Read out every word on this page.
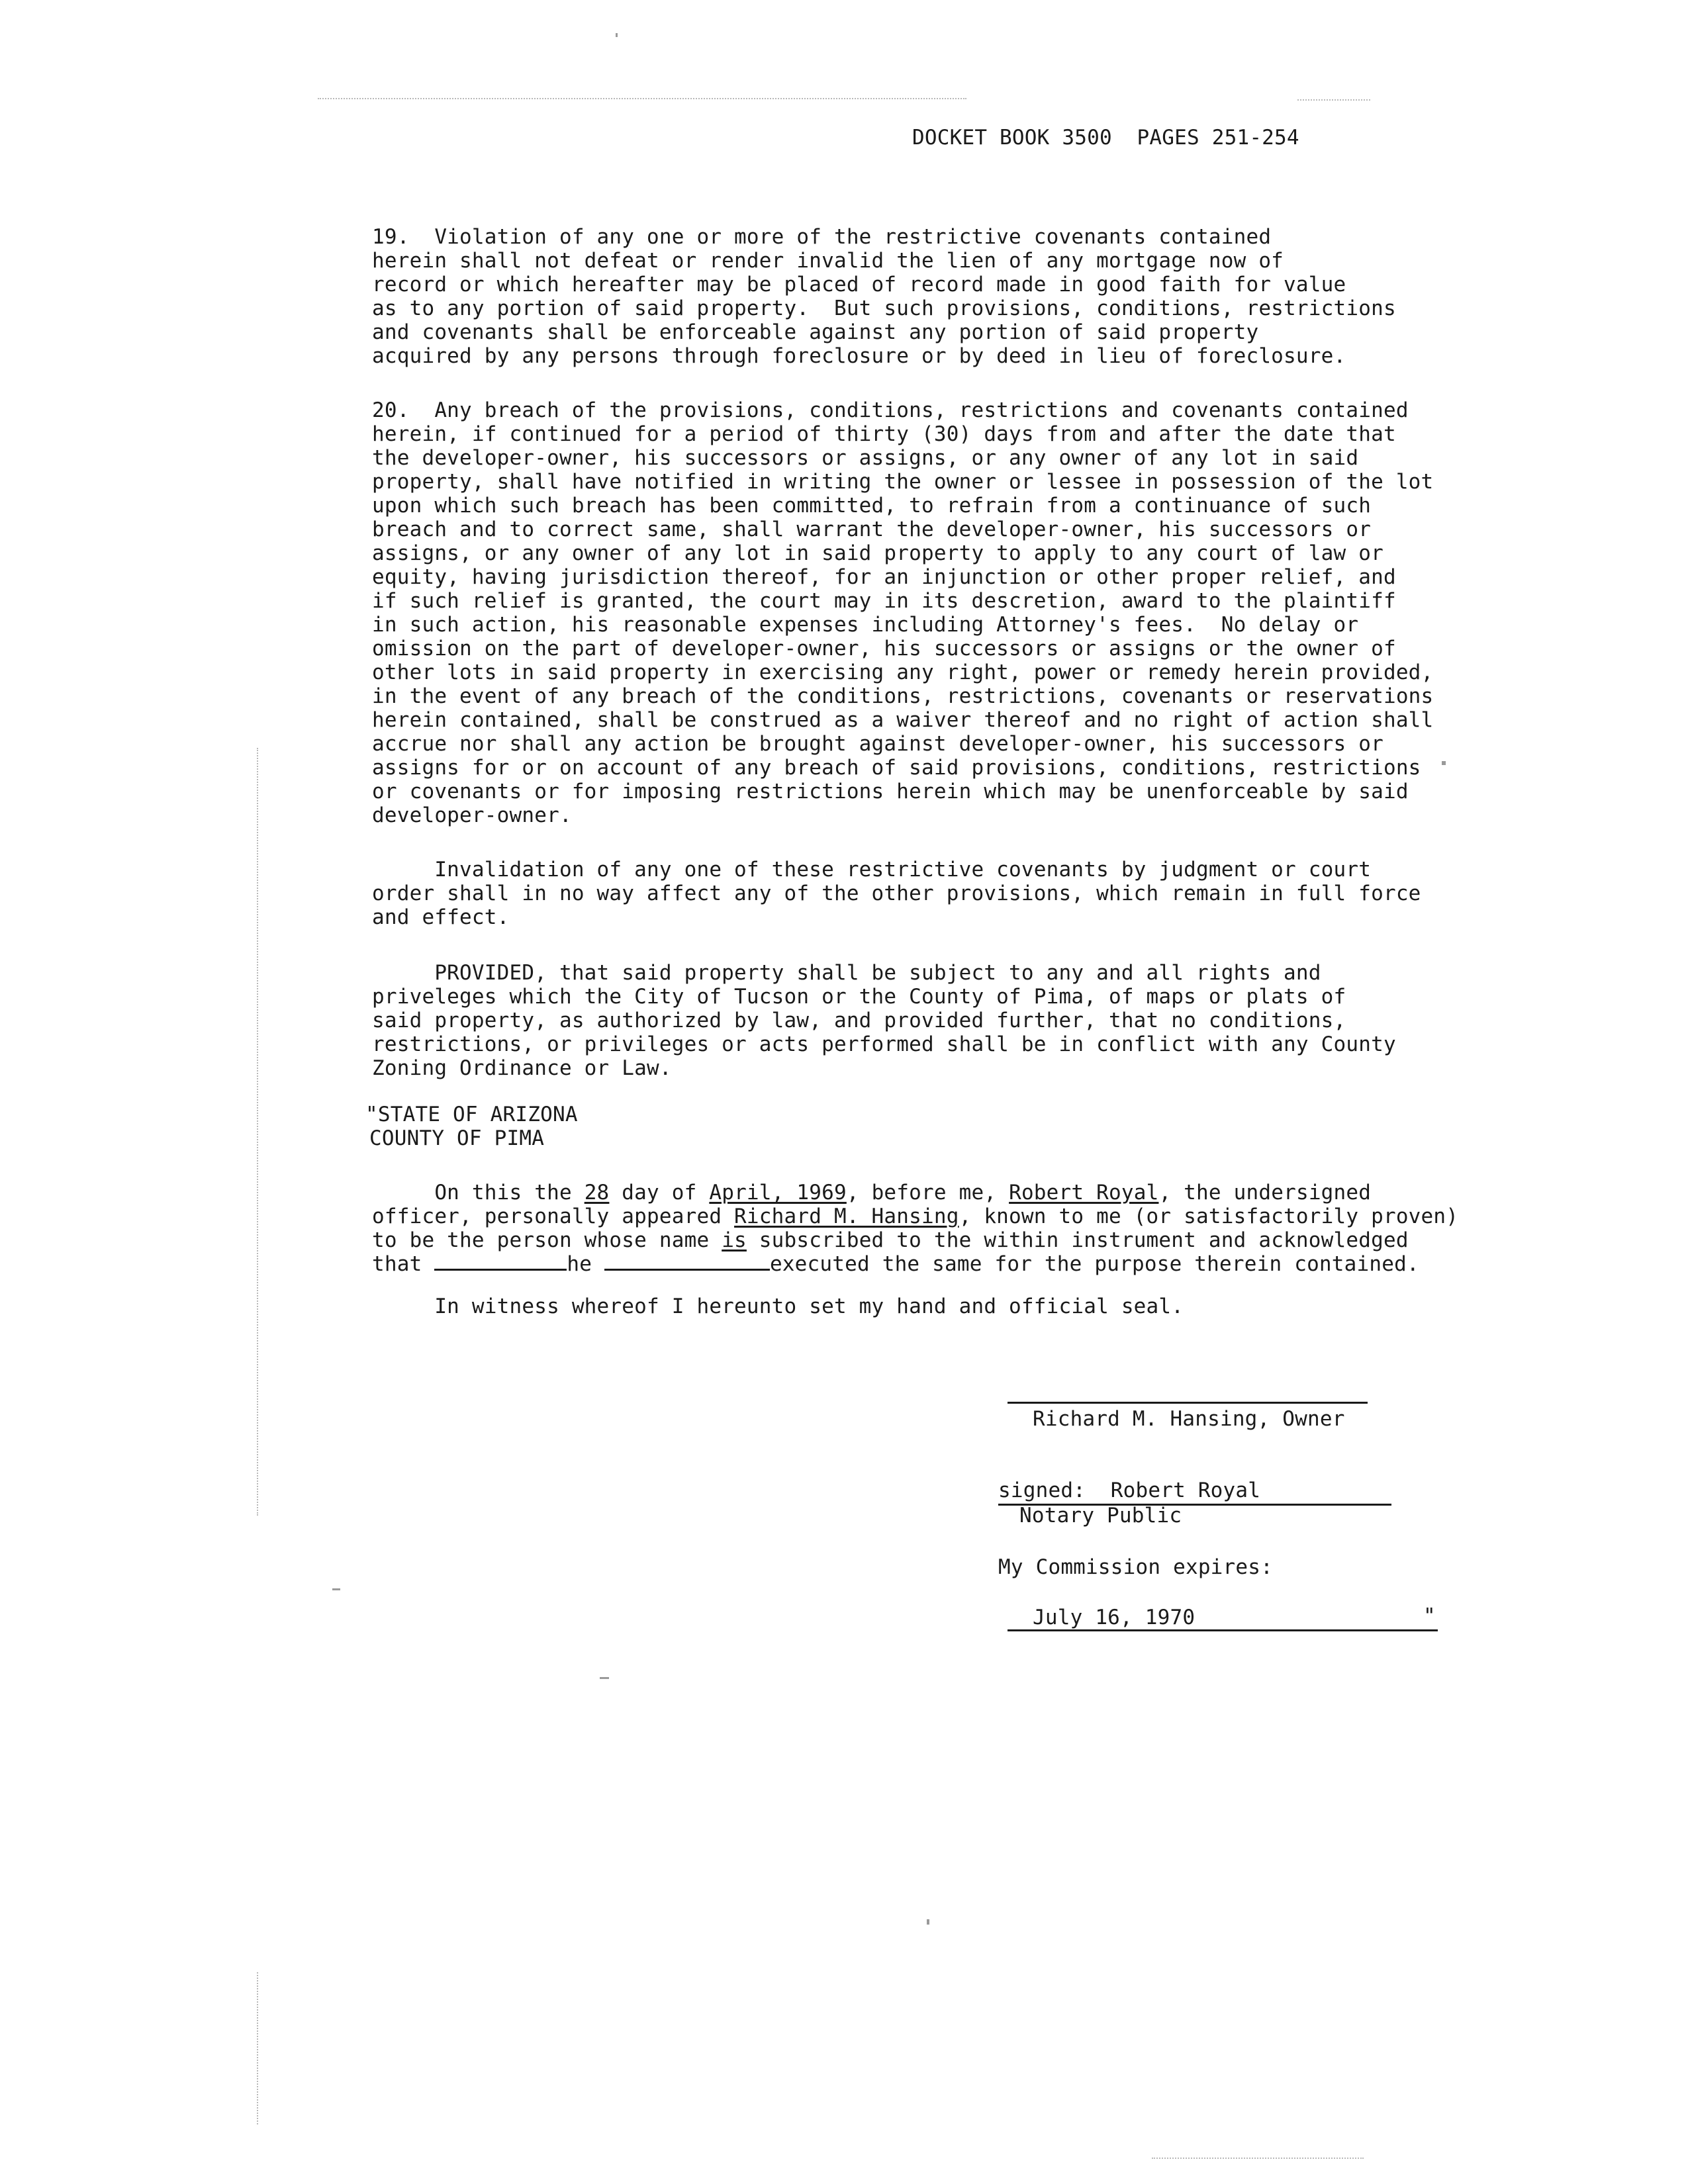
DOCKET BOOK 3500  PAGES 251-254
19.  Violation of any one or more of the restrictive covenants contained
herein shall not defeat or render invalid the lien of any mortgage now of
record or which hereafter may be placed of record made in good faith for value
as to any portion of said property.  But such provisions, conditions, restrictions
and covenants shall be enforceable against any portion of said property
acquired by any persons through foreclosure or by deed in lieu of foreclosure.
20.  Any breach of the provisions, conditions, restrictions and covenants contained
herein, if continued for a period of thirty (30) days from and after the date that
the developer-owner, his successors or assigns, or any owner of any lot in said
property, shall have notified in writing the owner or lessee in possession of the lot
upon which such breach has been committed, to refrain from a continuance of such
breach and to correct same, shall warrant the developer-owner, his successors or
assigns, or any owner of any lot in said property to apply to any court of law or
equity, having jurisdiction thereof, for an injunction or other proper relief, and
if such relief is granted, the court may in its descretion, award to the plaintiff
in such action, his reasonable expenses including Attorney's fees.  No delay or
omission on the part of developer-owner, his successors or assigns or the owner of
other lots in said property in exercising any right, power or remedy herein provided,
in the event of any breach of the conditions, restrictions, covenants or reservations
herein contained, shall be construed as a waiver thereof and no right of action shall
accrue nor shall any action be brought against developer-owner, his successors or
assigns for or on account of any breach of said provisions, conditions, restrictions
or covenants or for imposing restrictions herein which may be unenforceable by said
developer-owner.
Invalidation of any one of these restrictive covenants by judgment or court
order shall in no way affect any of the other provisions, which remain in full force
and effect.
PROVIDED, that said property shall be subject to any and all rights and
priveleges which the City of Tucson or the County of Pima, of maps or plats of
said property, as authorized by law, and provided further, that no conditions,
restrictions, or privileges or acts performed shall be in conflict with any County
Zoning Ordinance or Law.
"STATE OF ARIZONA
COUNTY OF PIMA
On this the 28 day of April, 1969, before me, Robert Royal, the undersigned
officer, personally appeared Richard M. Hansing, known to me (or satisfactorily proven)
to be the person whose name is subscribed to the within instrument and acknowledged
that	he	executed the same for the purpose therein contained.
In witness whereof I hereunto set my hand and official seal.
Richard M. Hansing, Owner
signed:  Robert Royal
Notary Public
My Commission expires:
July 16, 1970	"
